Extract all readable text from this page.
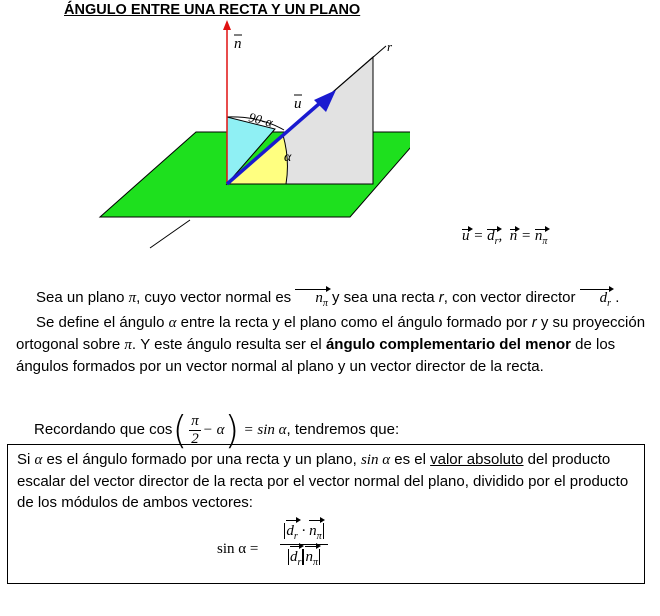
ÁNGULO ENTRE UNA RECTA Y UN PLANO
n
u
r
90-α
α
$u = d_r$, $n = n_\pi$
Sea un plano π, cuyo vector normal es $n_\pi$ y sea una recta r, con vector director $d_r$ .
Se define el ángulo α entre la recta y el plano como el ángulo formado por r y su proyección ortogonal sobre π. Y este ángulo resulta ser el ángulo complementario del menor de los ángulos formados por un vector normal al plano y un vector director de la recta.
Recordando que $\cos( \frac{\pi}{2} - \alpha) = \sin \alpha$, tendremos que:
Si α es el ángulo formado por una recta y un plano, sin α es el valor absoluto del producto escalar del vector director de la recta por el vector normal del plano, dividido por el producto de los módulos de ambos vectores:
sin α =
$d_r \cdot n_\pi$
$d_r$ $n_\pi$
